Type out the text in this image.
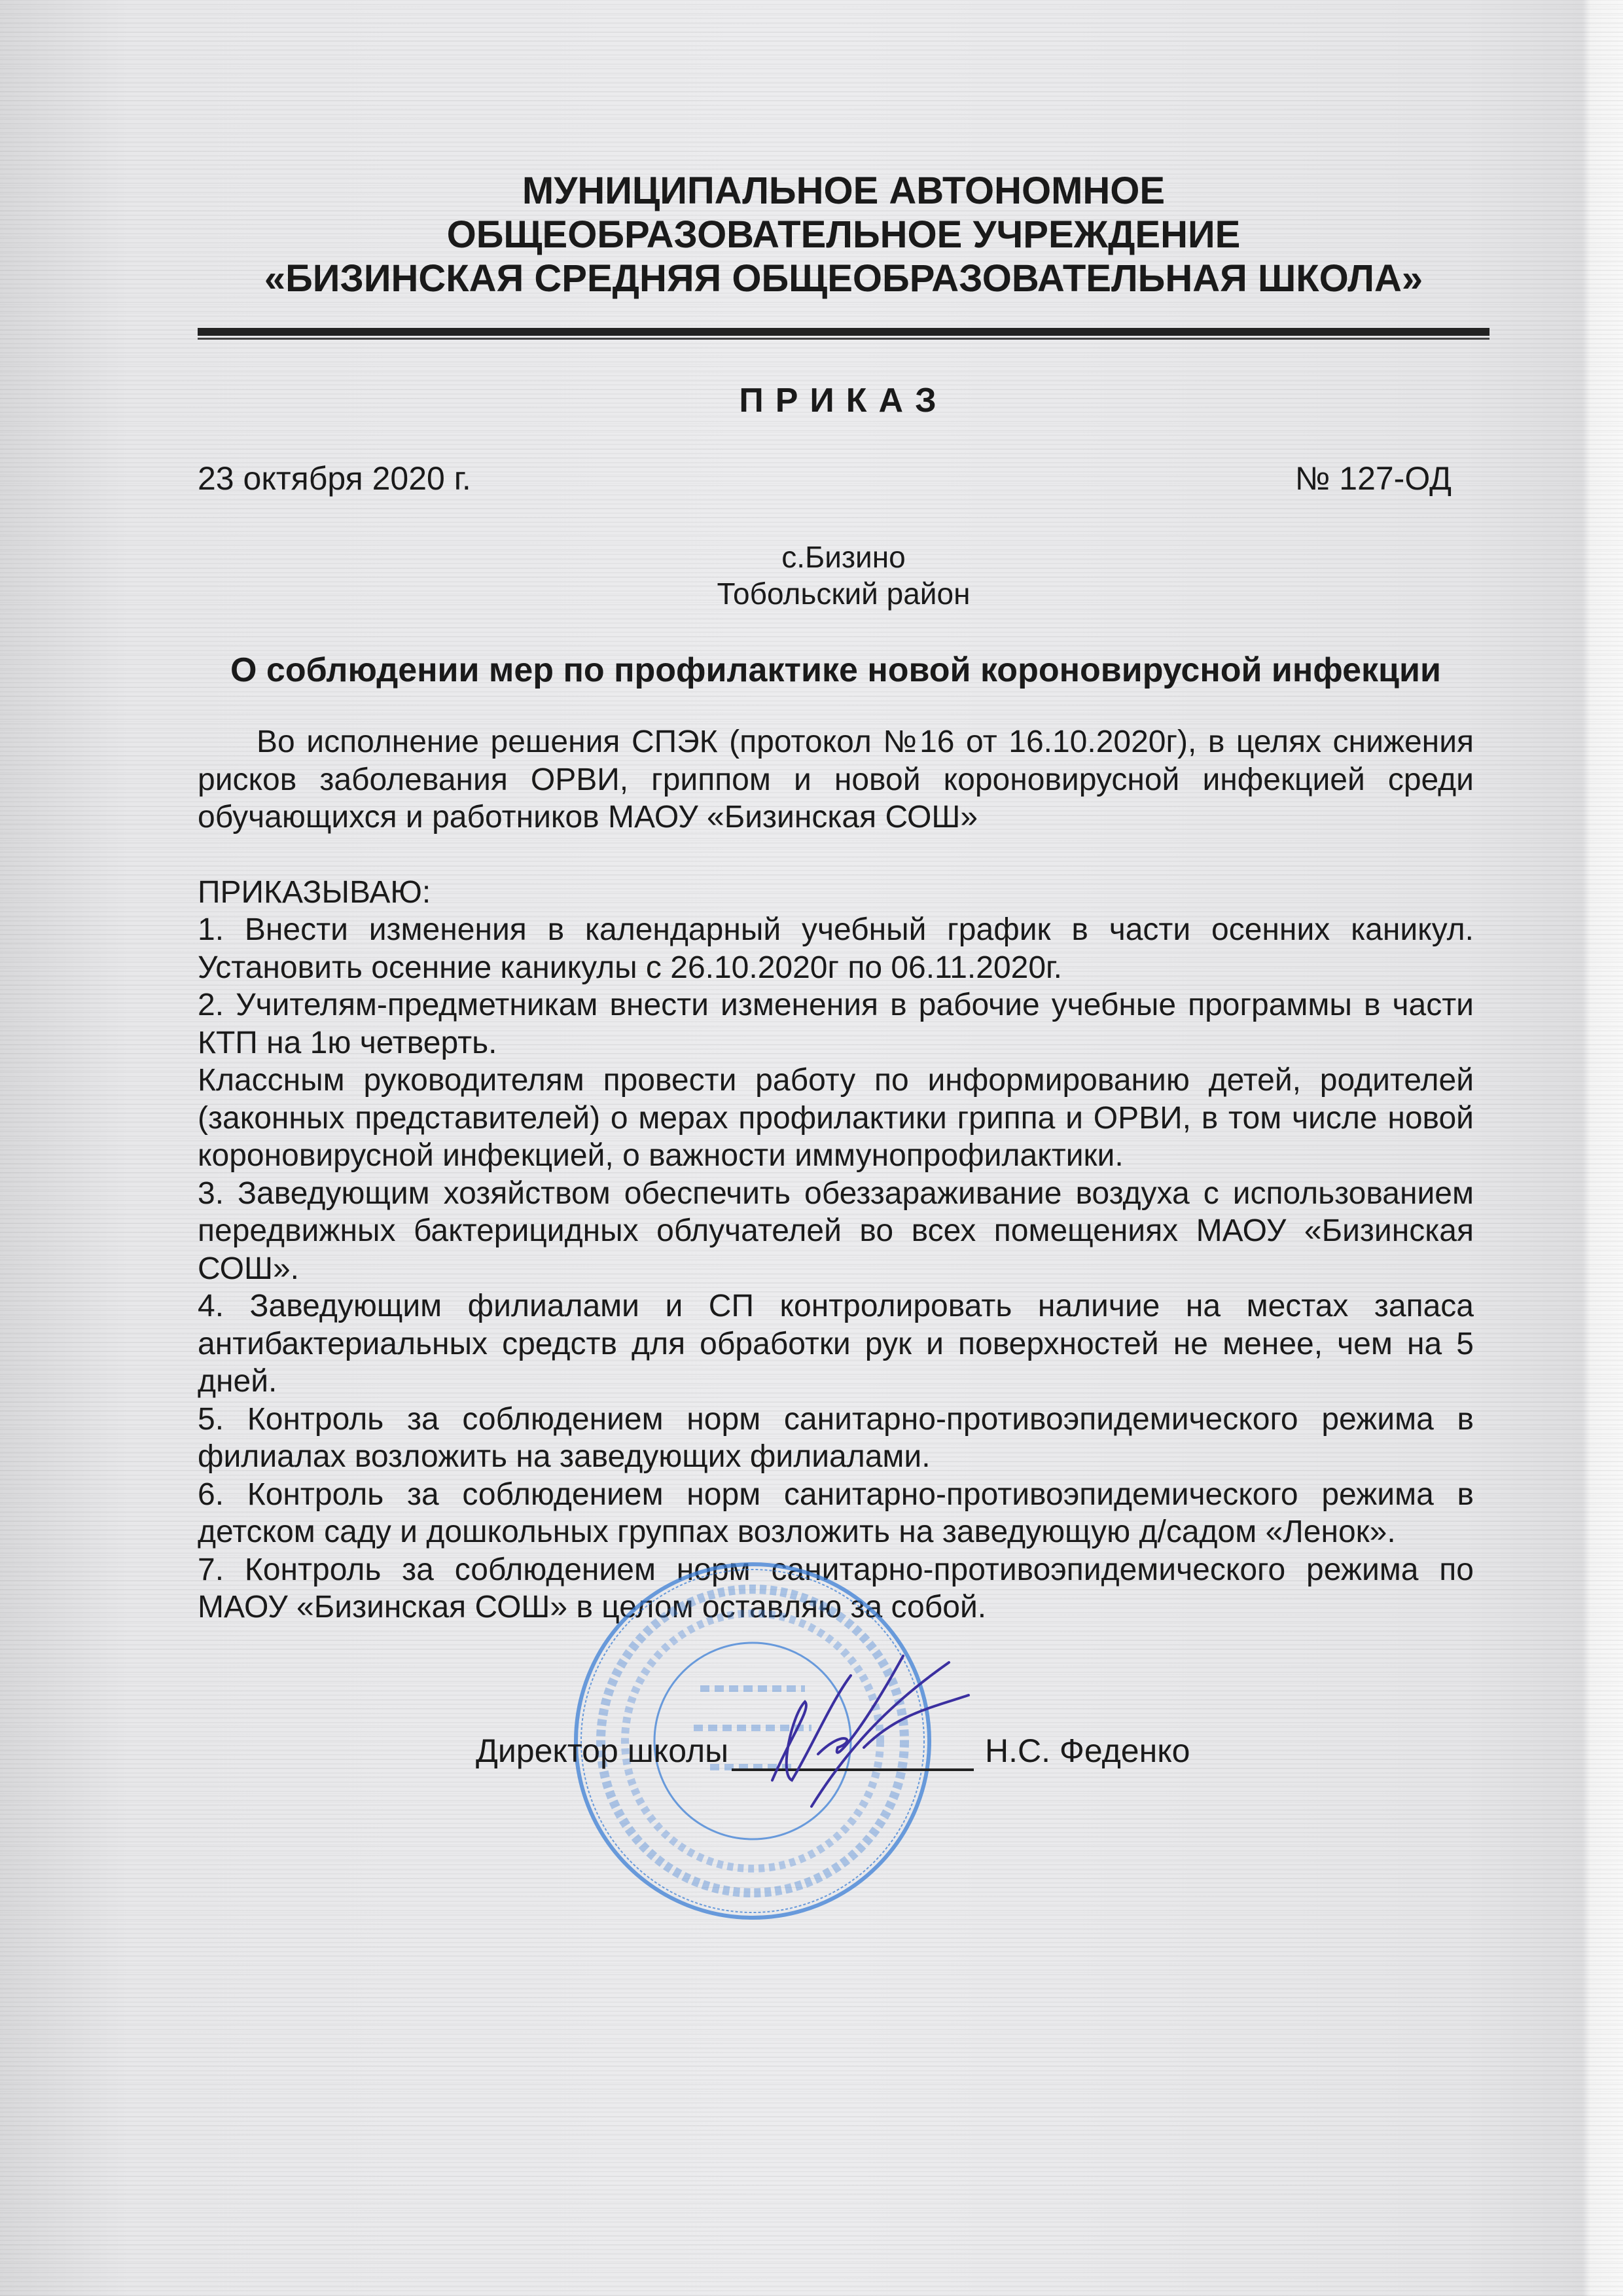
МУНИЦИПАЛЬНОЕ АВТОНОМНОЕ
ОБЩЕОБРАЗОВАТЕЛЬНОЕ УЧРЕЖДЕНИЕ
«БИЗИНСКАЯ СРЕДНЯЯ ОБЩЕОБРАЗОВАТЕЛЬНАЯ ШКОЛА»
ПРИКАЗ
23 октября 2020 г.	№ 127-ОД
с.Бизино
Тобольский район
О соблюдении мер по профилактике новой короновирусной инфекции

Во исполнение решения СПЭК (протокол №16 от 16.10.2020г), в целях снижения рисков заболевания ОРВИ, гриппом и новой короновирусной инфекцией среди обучающихся и работников МАОУ «Бизинская СОШ»

ПРИКАЗЫВАЮ:

1. Внести изменения в календарный учебный график в части осенних каникул. Установить осенние каникулы с 26.10.2020г по 06.11.2020г.

2. Учителям-предметникам внести изменения в рабочие учебные программы в части КТП на 1ю четверть.

Классным руководителям провести работу по информированию детей, родителей (законных представителей) о мерах профилактики гриппа и ОРВИ, в том числе новой короновирусной инфекцией, о важности иммунопрофилактики.

3. Заведующим хозяйством обеспечить обеззараживание воздуха с использованием передвижных бактерицидных облучателей во всех помещениях МАОУ «Бизинская СОШ».

4. Заведующим филиалами и СП контролировать наличие на местах запаса антибактериальных средств для обработки рук и поверхностей не менее, чем на 5 дней.

5. Контроль за соблюдением норм санитарно-противоэпидемического режима в филиалах возложить на заведующих филиалами.

6. Контроль за соблюдением норм санитарно-противоэпидемического режима в детском саду и дошкольных группах возложить на заведующую д/садом «Ленок».

7. Контроль за соблюдением норм санитарно-противоэпидемического режима по МАОУ «Бизинская СОШ» в целом оставляю за собой.

Директор школы	Н.С. Феденко
